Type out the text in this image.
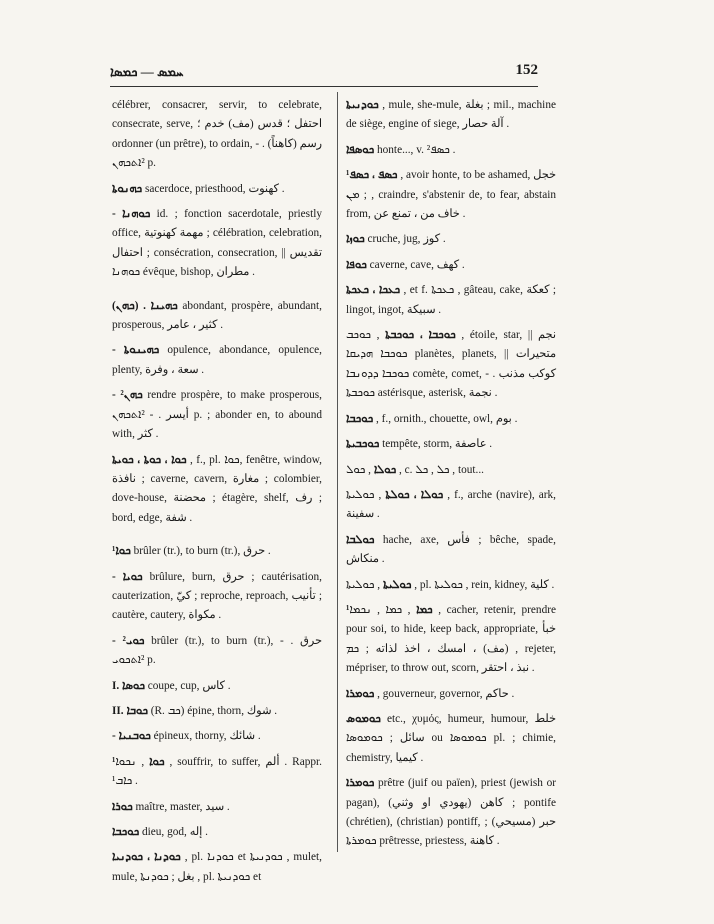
ܚܡܣ — ܟܡܣܐ	152
célébrer, consacrer, servir, to celebrate, consecrate, serve, احتفل ؛ قدس (مف) خدم ؛ ordonner (un prêtre), to ordain, رسم (كاهناً) . ‑ ²ܐܬܟܗܢ p.
ܟܗܢܘܬܐ sacerdoce, priesthood, كهنوت .
‑ ܟܘܗܢܐ id. ; fonction sacerdotale, priestly office, مهمة كهنوتية ; célébration, celebration, احتفال ; consécration, consecration, تقديس || ܟܘܗܢܐ évêque, bishop, مطران .
(ܟܗܢ) . ܟܗܝܢܐ abondant, prospère, abundant, prosperous, كثير ، عامر .
‑ ܟܗܝܢܘܬܐ opulence, abondance, opulence, plenty, سعة ، وفرة .
‑ ²ܟܗܢ rendre prospère, to make prosperous, أيسر . ‑ ²ܐܬܟܗܢ p. ; abonder en, to abound with, كثر .
ܟܘܐ ، ܟܘܬܐ ، ܟܘܝܬܐ , f., pl. ܟܘܐ, fenêtre, window, نافذة ; caverne, cavern, مغارة ; colombier, dove-house, محضنة ; étagère, shelf, رف ; bord, edge, شفة .
¹ܟܘܐ brûler (tr.), to burn (tr.), حرق .
‑ ܟܘܝܐ brûlure, burn, حرق ; cautérisation, cauterization, كيّ ; reproche, reproach, تأنيب ; cautère, cautery, مكواة .
‑ ²ܟܘܝ brûler (tr.), to burn (tr.), حرق . ‑ ²ܐܬܟܘܝ p.
I. ܟܘܣܐ coupe, cup, كاس .
II. ܟܘܒܐ (R. ܟܒ) épine, thorn, شوك .
‑ ܟܘܒܢܝܐ épineux, thorny, شائك .
¹ܟܘܐ , ܢܟܘܐ , souffrir, to suffer, ألم . Rappr. ¹ܟܐܒ .
ܟܘܪܐ maître, master, سيد .
ܟܘܟܒܐ dieu, god, إله .
ܟܘܕܢܐ ، ܟܘܕܢܝܐ , pl. ܟܘܕܢܐ et ܟܘܕܢܝܬܐ , mulet, mule, بغل ; ܟܘܕܢܬܐ , pl. ܟܘܕܢܝܬܐ et
ܟܘܕܢܝܬܐ , mule, she-mule, بغلة ; mil., machine de siège, engine of siege, آلة حصار .
ܟܘܣܦܐ honte..., v. ²ܟܣܦ .
¹ܟܣܦ ، ܟܣܦ , avoir honte, to be ashamed, خجل ; ܡܢ , craindre, s'abstenir de, to fear, abstain from, خاف من ، تمنع عن .
ܟܘܙܐ cruche, jug, كوز .
ܟܘܦܐ caverne, cave, كهف .
ܟܥܟܐ ، ܟܥܟܬܐ , et f. ܟܥܟܬܐ , gâteau, cake, كعكة ; lingot, ingot, سبيكة .
ܟܘܟܒܐ ، ܟܘܟܒܬܐ , ܟܘܟܒ , étoile, star, نجم || ܟܘܟܒܐ ܗܕܝܩܐ planètes, planets, متحيرات || ܟܘܟܒܐ ܕܕܘܢܒܐ comète, comet, كوكب مذنب . ‑ ܟܘܟܒܬܐ astérisque, asterisk, نجمة .
ܟܘܟܒܐ , f., ornith., chouette, owl, بوم .
ܟܘܟܒܝܬܐ tempête, storm, عاصفة .
ܟܘܠܐ , ܟܘܠ , c. ܟܠ , ܟܠ , tout...
ܟܘܠܐ ، ܟܘܠܬܐ , ܟܘܠܝܬܐ , f., arche (navire), ark, سفينة .
ܟܘܠܒܐ hache, axe, فأس ; bêche, spade, منكاش .
ܟܘܠܝܬܐ , ܟܘܠܝܬܐ , pl. ܟܘܠܝܬܐ , rein, kidney, كلية .
¹ܟܡܐ , ܟܡܐ , ܢܟܡܐ , cacher, retenir, prendre pour soi, to hide, keep back, appropriate, خبأ (مف) ، امسك ، اخذ لذاته ; ܟܡ , rejeter, mépriser, to throw out, scorn, نبذ ، احتقر .
ܟܘܡܪܐ , gouverneur, governor, حاكم .
ܟܘܡܘܣ etc., χυμός, humeur, humour, خلط سائل ; ܟܘܡܘܣܐ ou ܟܘܡܘܣܐ pl. ; chimie, chemistry, كيميا .
ܟܘܡܪܐ prêtre (juif ou païen), priest (jewish or pagan), كاهن (يهودي او وثني) ; pontife (chrétien), (christian) pontiff, حبر (مسيحي) ; ܟܘܡܪܬܐ prêtresse, priestess, كاهنة .
